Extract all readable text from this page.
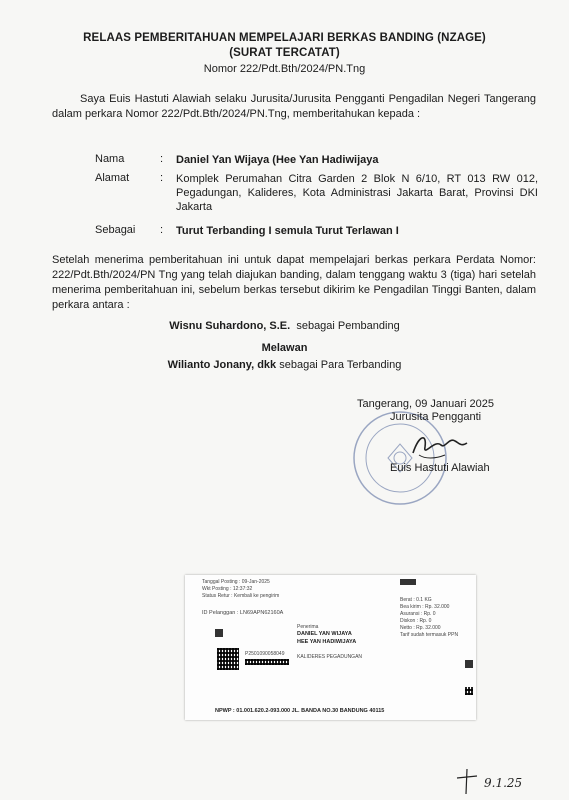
RELAAS PEMBERITAHUAN MEMPELAJARI BERKAS BANDING (NZAGE)
(SURAT TERCATAT)
Nomor 222/Pdt.Bth/2024/PN.Tng
Saya Euis Hastuti Alawiah selaku Jurusita/Jurusita Pengganti Pengadilan Negeri Tangerang dalam perkara Nomor 222/Pdt.Bth/2024/PN.Tng, memberitahukan kepada :
Nama	: Daniel Yan Wijaya (Hee Yan Hadiwijaya
Alamat	: Komplek Perumahan Citra Garden 2 Blok N 6/10, RT 013 RW 012, Pegadungan, Kalideres, Kota Administrasi Jakarta Barat, Provinsi DKI Jakarta
Sebagai : Turut Terbanding I semula Turut Terlawan I
Setelah menerima pemberitahuan ini untuk dapat mempelajari berkas perkara Perdata Nomor: 222/Pdt.Bth/2024/PN Tng yang telah diajukan banding, dalam tenggang waktu 3 (tiga) hari setelah menerima pemberitahuan ini, sebelum berkas tersebut dikirim ke Pengadilan Tinggi Banten, dalam perkara antara :
Wisnu Suhardono, S.E. sebagai Pembanding
Melawan
Wilianto Jonany, dkk sebagai Para Terbanding
Tangerang, 09 Januari 2025
Jurusita Pengganti
Euis Hastuti Alawiah
Tanggal Posting : 09-Jan-2025
Wkt Posting : 12:37:32
Status Retur : Kembali ke pengirim
ID Pelanggan : LN69APN62160A
P2501090058049
Penerima
DANIEL YAN WIJAYA
HEE YAN HADIWIJAYA
KALIDERES PEGADUNGAN
Berat : 0.1 KG
Bea kirim : Rp. 32.000
Asuransi : Rp. 0
Diskon : Rp. 0
Netto : Rp. 32.000
Tarif sudah termasuk PPN
NPWP : 01.001.620.2-093.000 JL. BANDA NO.30 BANDUNG 40115
9.1.25
